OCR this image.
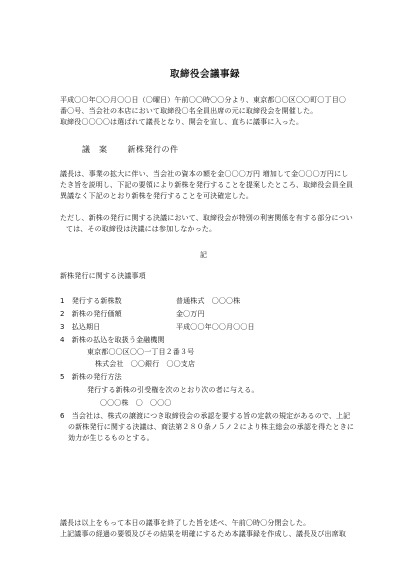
取締役会議事録
平成〇〇年〇〇月〇〇日（〇曜日）午前〇〇時〇〇分より、東京都〇〇区〇〇町〇丁目〇
番〇号、当会社の本店において取締役〇名全員出席の元に取締役会を開催した。
取締役〇〇〇〇は選ばれて議長となり、開会を宣し、直ちに議事に入った。
議　案	新株発行の件
議長は、事業の拡大に伴い、当会社の資本の額を金〇〇〇万円 増加して金〇〇〇万円にし
たき旨を説明し、下記の要領により新株を発行することを提案したところ、取締役会員全員
異議なく下記のとおり新株を発行することを可決確定した。
ただし、新株の発行に関する決議において、取締役会が特別の利害関係を有する部分につい
ては、その取締役は決議には参加しなかった。
記
新株発行に関する決議事項
1　発行する新株数	普通株式　〇〇〇株
2　新株の発行価額	金〇万円
3　払込期日	平成〇〇年〇〇月〇〇日
4　新株の払込を取扱う金融機関
東京都〇〇区〇〇一丁目２番３号
株式会社　〇〇銀行　〇〇支店
5　新株の発行方法
発行する新株の引受権を次のとおり次の者に与える。
〇〇〇株　〇　〇〇〇
6　当会社は、株式の譲渡につき取締役会の承認を要する旨の定款の規定があるので、上記
の新株発行に関する決議は、商法第２８０条ノ５ノ２により株主総会の承認を得たときに
効力が生じるものとする。
議長は以上をもって本日の議事を終了した旨を述べ、午前〇時〇分閉会した。
上記議事の経過の要領及びその結果を明確にするため本議事録を作成し、議長及び出席取
